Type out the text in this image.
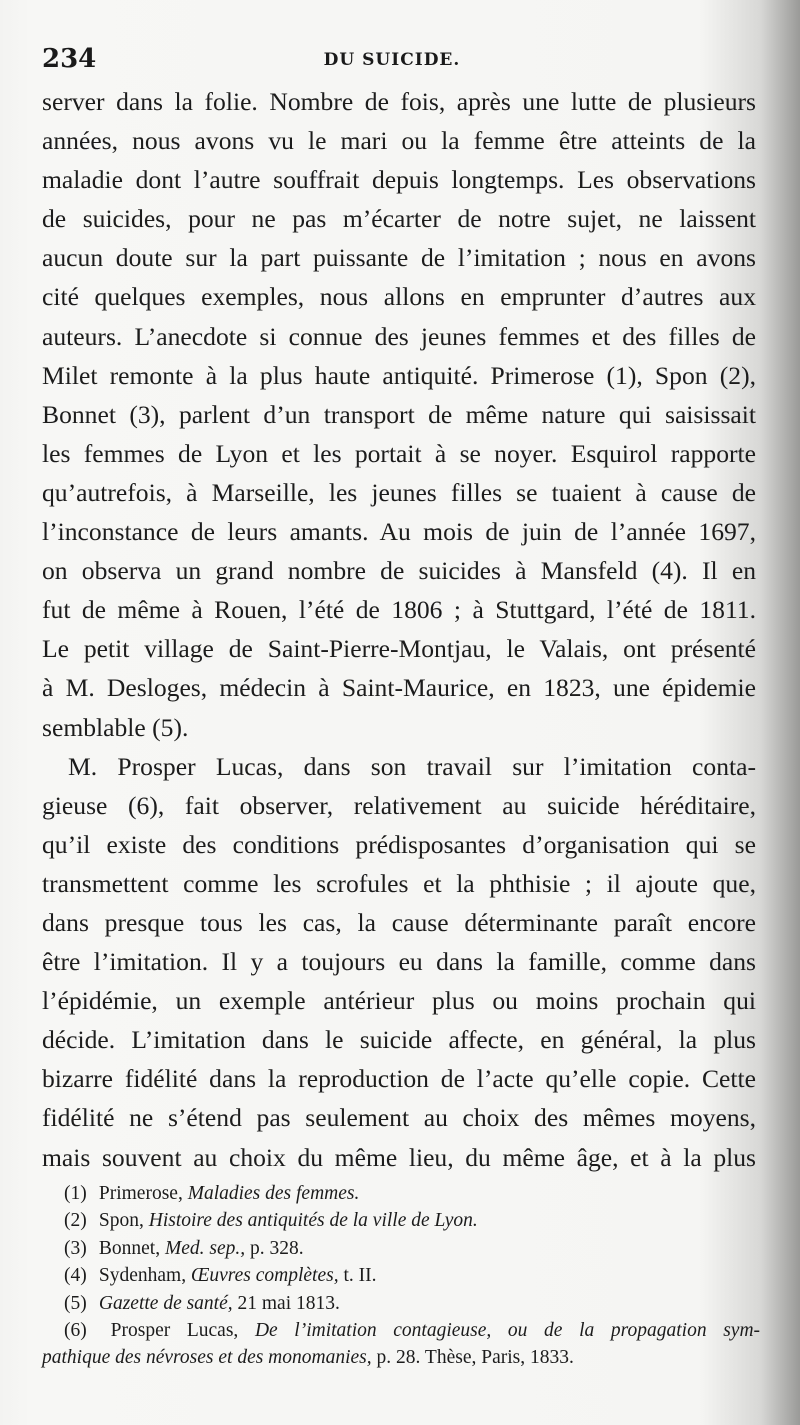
234	DU SUICIDE.

server dans la folie. Nombre de fois, après une lutte de plusieurs
années, nous avons vu le mari ou la femme être atteints de la
maladie dont l’autre souffrait depuis longtemps. Les observations
de suicides, pour ne pas m’écarter de notre sujet, ne laissent
aucun doute sur la part puissante de l’imitation ; nous en avons
cité quelques exemples, nous allons en emprunter d’autres aux
auteurs. L’anecdote si connue des jeunes femmes et des filles de
Milet remonte à la plus haute antiquité. Primerose (1), Spon (2),
Bonnet (3), parlent d’un transport de même nature qui saisissait
les femmes de Lyon et les portait à se noyer. Esquirol rapporte
qu’autrefois, à Marseille, les jeunes filles se tuaient à cause de
l’inconstance de leurs amants. Au mois de juin de l’année 1697,
on observa un grand nombre de suicides à Mansfeld (4). Il en
fut de même à Rouen, l’été de 1806 ; à Stuttgard, l’été de 1811.
Le petit village de Saint-Pierre-Montjau, le Valais, ont présenté
à M. Desloges, médecin à Saint-Maurice, en 1823, une épidemie
semblable (5).

M. Prosper Lucas, dans son travail sur l’imitation conta-
gieuse (6), fait observer, relativement au suicide héréditaire,
qu’il existe des conditions prédisposantes d’organisation qui se
transmettent comme les scrofules et la phthisie ; il ajoute que,
dans presque tous les cas, la cause déterminante paraît encore
être l’imitation. Il y a toujours eu dans la famille, comme dans
l’épidémie, un exemple antérieur plus ou moins prochain qui
décide. L’imitation dans le suicide affecte, en général, la plus
bizarre fidélité dans la reproduction de l’acte qu’elle copie. Cette
fidélité ne s’étend pas seulement au choix des mêmes moyens,
mais souvent au choix du même lieu, du même âge, et à la plus

(1) Primerose, Maladies des femmes.
(2) Spon, Histoire des antiquités de la ville de Lyon.
(3) Bonnet, Med. sep., p. 328.
(4) Sydenham, Œuvres complètes, t. II.
(5) Gazette de santé, 21 mai 1813.
(6) Prosper Lucas, De l’imitation contagieuse, ou de la propagation sym-
pathique des névroses et des monomanies, p. 28. Thèse, Paris, 1833.
